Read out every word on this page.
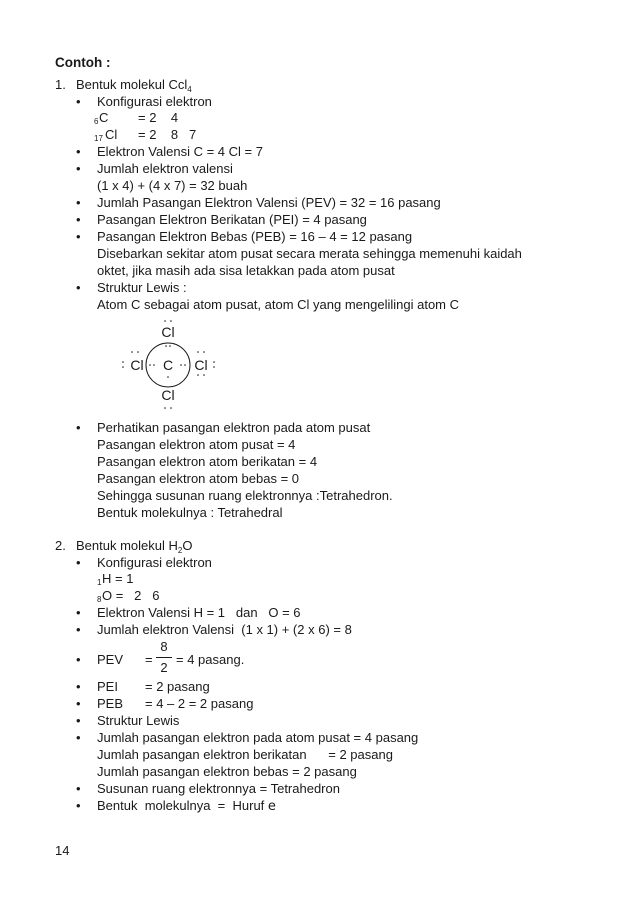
Contoh :
1. Bentuk molekul Ccl$_4$
• Konfigurasi elektron
6 C = 2    4
17 Cl = 2    8   7
• Elektron Valensi C = 4 Cl = 7
• Jumlah elektron valensi
(1 x 4) + (4 x 7) = 32 buah
• Jumlah Pasangan Elektron Valensi (PEV) = 32 = 16 pasang
• Pasangan Elektron Berikatan (PEI) = 4 pasang
• Pasangan Elektron Bebas (PEB) = 16 – 4 = 12 pasang
Disebarkan sekitar atom pusat secara merata sehingga memenuhi kaidah
oktet, jika masih ada sisa letakkan pada atom pusat
• Struktur Lewis :
Atom C sebagai atom pusat, atom Cl yang mengelilingi atom C
Cl
C
Cl	Cl
Cl
• Perhatikan pasangan elektron pada atom pusat
Pasangan elektron atom pusat = 4
Pasangan elektron atom berikatan = 4
Pasangan elektron atom bebas = 0
Sehingga susunan ruang elektronnya :Tetrahedron.
Bentuk molekulnya : Tetrahedral
2. Bentuk molekul $H_2O$
• Konfigurasi elektron
1 H = 1
8 O =   2   6
• Elektron Valensi H = 1   dan   O = 6
• Jumlah elektron Valensi  (1 x 1) + (2 x 6) = 8
• PEV =
8
2
= 4 pasang.
• PEI = 2 pasang
• PEB = 4 – 2 = 2 pasang
• Struktur Lewis
• Jumlah pasangan elektron pada atom pusat = 4 pasang
Jumlah pasangan elektron berikatan      = 2 pasang
Jumlah pasangan elektron bebas = 2 pasang
• Susunan ruang elektronnya = Tetrahedron
• Bentuk  molekulnya  =  Huruf e
14
